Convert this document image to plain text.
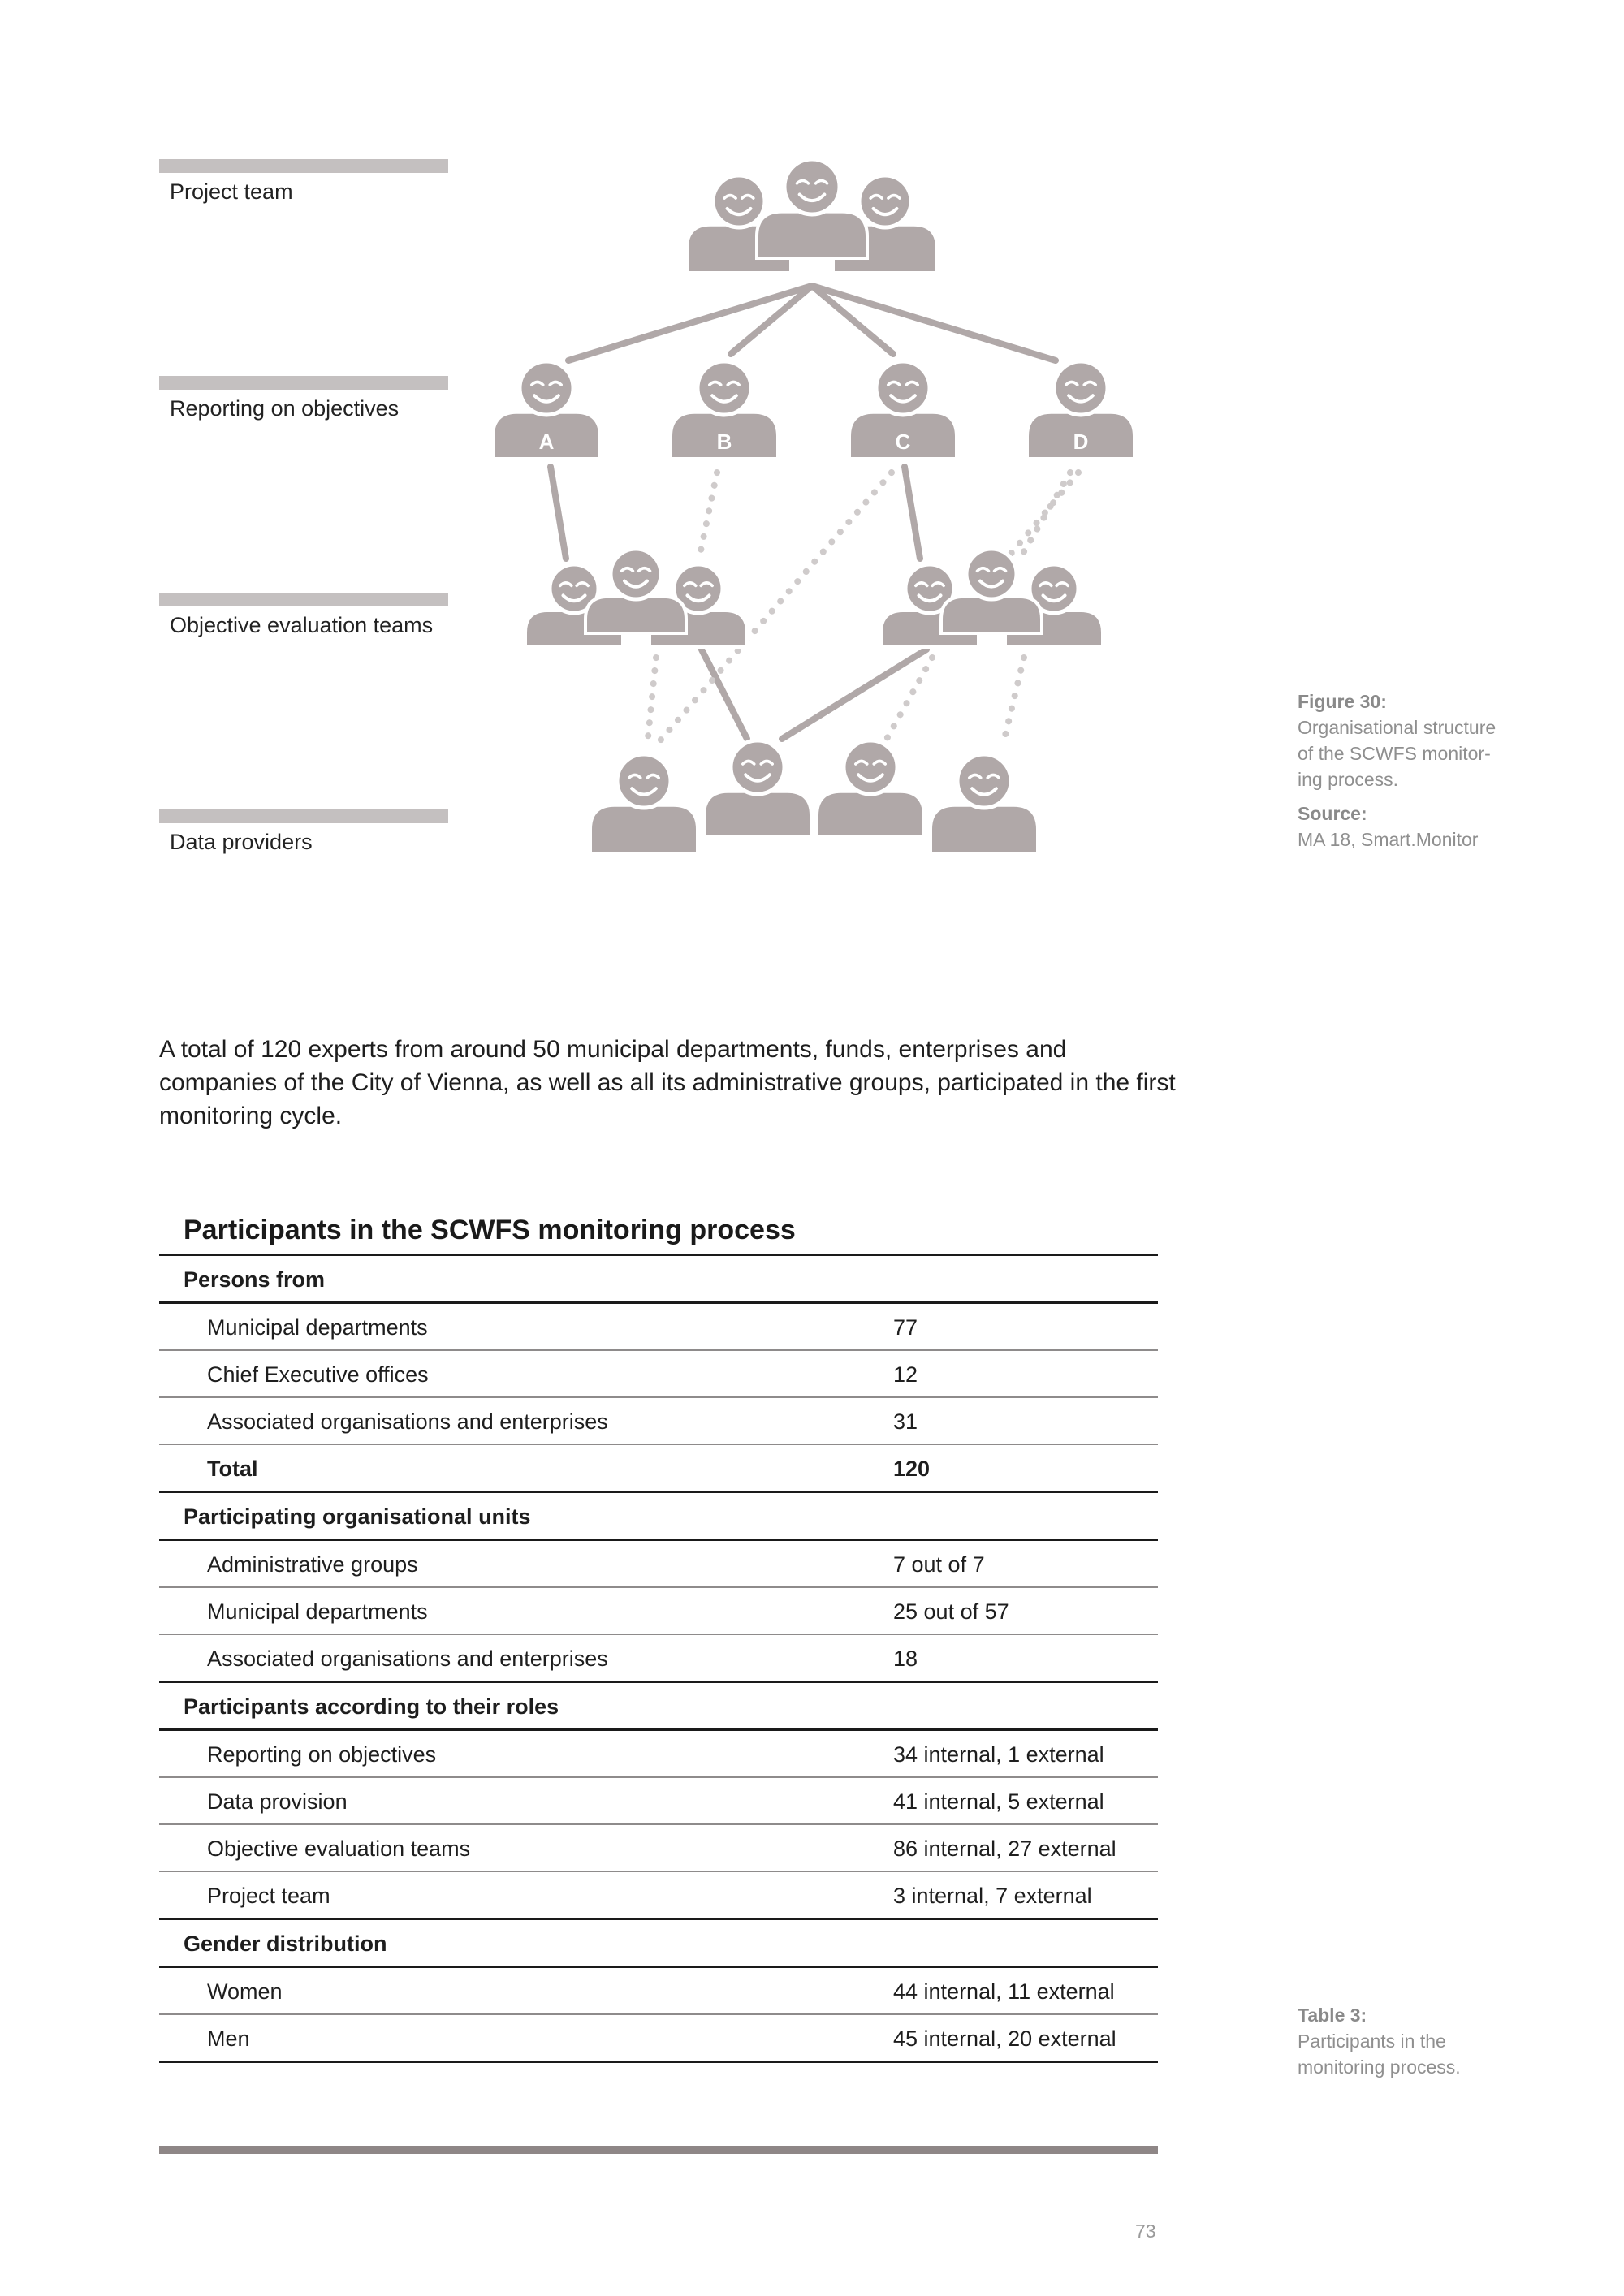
Project team
Reporting on objectives
Objective evaluation teams
Data providers
A	B	C	D
Figure 30:
Organisational structure
of the SCWFS monitor-
ing process.
Source:
MA 18, Smart.Monitor

A total of 120 experts from around 50 municipal departments, funds, enterprises and companies of the City of Vienna, as well as all its administrative groups, participated in the first monitoring cycle.

Participants in the SCWFS monitoring process
Persons from
Municipal departments	77
Chief Executive offices	12
Associated organisations and enterprises	31
Total	120
Participating organisational units
Administrative groups	7 out of 7
Municipal departments	25 out of 57
Associated organisations and enterprises	18
Participants according to their roles
Reporting on objectives	34 internal, 1 external
Data provision	41 internal, 5 external
Objective evaluation teams	86 internal, 27 external
Project team	3 internal, 7 external
Gender distribution
Women	44 internal, 11 external
Men	45 internal, 20 external
Table 3:
Participants in the
monitoring process.
73
